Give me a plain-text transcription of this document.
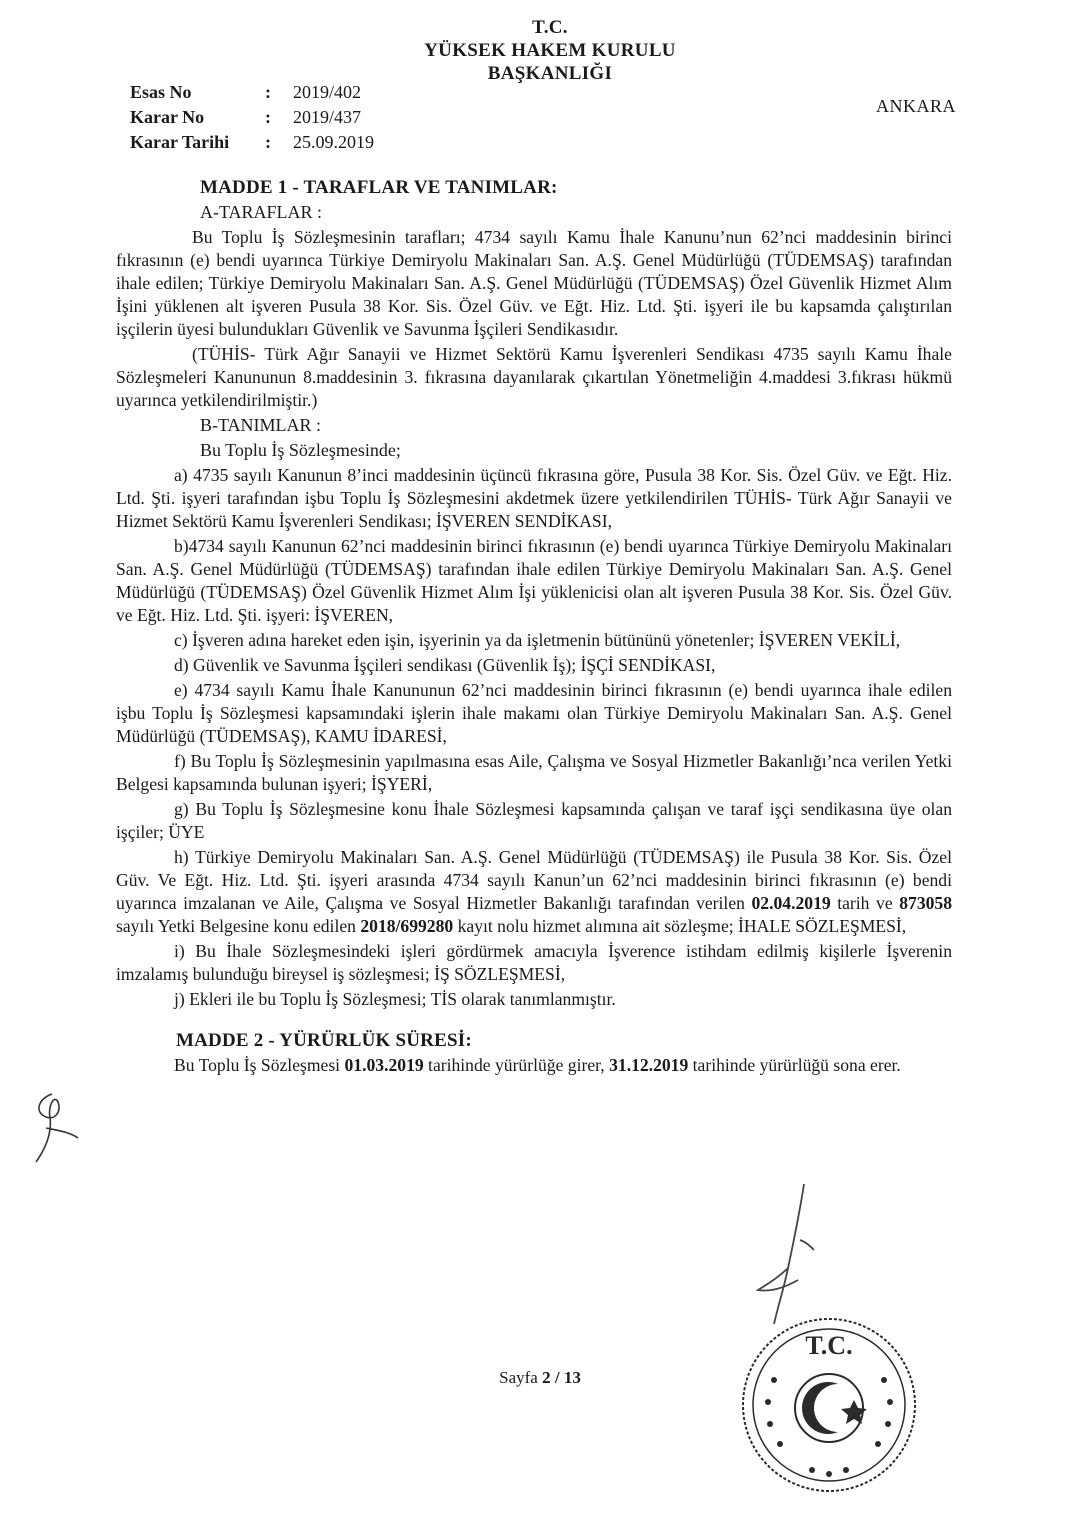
T.C.
YÜKSEK HAKEM KURULU
BAŞKANLIĞI
Esas No	:	2019/402
Karar No	:	2019/437
Karar Tarihi	:	25.09.2019
ANKARA
MADDE 1 - TARAFLAR VE TANIMLAR:
A-TARAFLAR :

Bu Toplu İş Sözleşmesinin tarafları; 4734 sayılı Kamu İhale Kanunu’nun 62’nci maddesinin birinci fıkrasının (e) bendi uyarınca Türkiye Demiryolu Makinaları San. A.Ş. Genel Müdürlüğü (TÜDEMSAŞ) tarafından ihale edilen; Türkiye Demiryolu Makinaları San. A.Ş. Genel Müdürlüğü (TÜDEMSAŞ) Özel Güvenlik Hizmet Alım İşini yüklenen alt işveren Pusula 38 Kor. Sis. Özel Güv. ve Eğt. Hiz. Ltd. Şti. işyeri ile bu kapsamda çalıştırılan işçilerin üyesi bulundukları Güvenlik ve Savunma İşçileri Sendikasıdır.

(TÜHİS- Türk Ağır Sanayii ve Hizmet Sektörü Kamu İşverenleri Sendikası 4735 sayılı Kamu İhale Sözleşmeleri Kanununun 8.maddesinin 3. fıkrasına dayanılarak çıkartılan Yönetmeliğin 4.maddesi 3.fıkrası hükmü uyarınca yetkilendirilmiştir.)

B-TANIMLAR :
Bu Toplu İş Sözleşmesinde;

a) 4735 sayılı Kanunun 8’inci maddesinin üçüncü fıkrasına göre, Pusula 38 Kor. Sis. Özel Güv. ve Eğt. Hiz. Ltd. Şti. işyeri tarafından işbu Toplu İş Sözleşmesini akdetmek üzere yetkilendirilen TÜHİS- Türk Ağır Sanayii ve Hizmet Sektörü Kamu İşverenleri Sendikası; İŞVEREN SENDİKASI,

b)4734 sayılı Kanunun 62’nci maddesinin birinci fıkrasının (e) bendi uyarınca Türkiye Demiryolu Makinaları San. A.Ş. Genel Müdürlüğü (TÜDEMSAŞ) tarafından ihale edilen Türkiye Demiryolu Makinaları San. A.Ş. Genel Müdürlüğü (TÜDEMSAŞ) Özel Güvenlik Hizmet Alım İşi yüklenicisi olan alt işveren Pusula 38 Kor. Sis. Özel Güv. ve Eğt. Hiz. Ltd. Şti. işyeri: İŞVEREN,

c) İşveren adına hareket eden işin, işyerinin ya da işletmenin bütününü yönetenler; İŞVEREN VEKİLİ,

d) Güvenlik ve Savunma İşçileri sendikası (Güvenlik İş); İŞÇİ SENDİKASI,

e) 4734 sayılı Kamu İhale Kanununun 62’nci maddesinin birinci fıkrasının (e) bendi uyarınca ihale edilen işbu Toplu İş Sözleşmesi kapsamındaki işlerin ihale makamı olan Türkiye Demiryolu Makinaları San. A.Ş. Genel Müdürlüğü (TÜDEMSAŞ), KAMU İDARESİ,

f) Bu Toplu İş Sözleşmesinin yapılmasına esas Aile, Çalışma ve Sosyal Hizmetler Bakanlığı’nca verilen Yetki Belgesi kapsamında bulunan işyeri; İŞYERİ,

g) Bu Toplu İş Sözleşmesine konu İhale Sözleşmesi kapsamında çalışan ve taraf işçi sendikasına üye olan işçiler; ÜYE

h) Türkiye Demiryolu Makinaları San. A.Ş. Genel Müdürlüğü (TÜDEMSAŞ) ile Pusula 38 Kor. Sis. Özel Güv. Ve Eğt. Hiz. Ltd. Şti. işyeri arasında 4734 sayılı Kanun’un 62’nci maddesinin birinci fıkrasının (e) bendi uyarınca imzalanan ve Aile, Çalışma ve Sosyal Hizmetler Bakanlığı tarafından verilen 02.04.2019 tarih ve 873058 sayılı Yetki Belgesine konu edilen 2018/699280 kayıt nolu hizmet alımına ait sözleşme; İHALE SÖZLEŞMESİ,

i) Bu İhale Sözleşmesindeki işleri gördürmek amacıyla İşverence istihdam edilmiş kişilerle İşverenin imzalamış bulunduğu bireysel iş sözleşmesi; İŞ SÖZLEŞMESİ,

j) Ekleri ile bu Toplu İş Sözleşmesi; TİS olarak tanımlanmıştır.

MADDE 2 - YÜRÜRLÜK SÜRESİ:

Bu Toplu İş Sözleşmesi 01.03.2019 tarihinde yürürlüğe girer, 31.12.2019 tarihinde yürürlüğü sona erer.

Sayfa 2 / 13
T.C.
